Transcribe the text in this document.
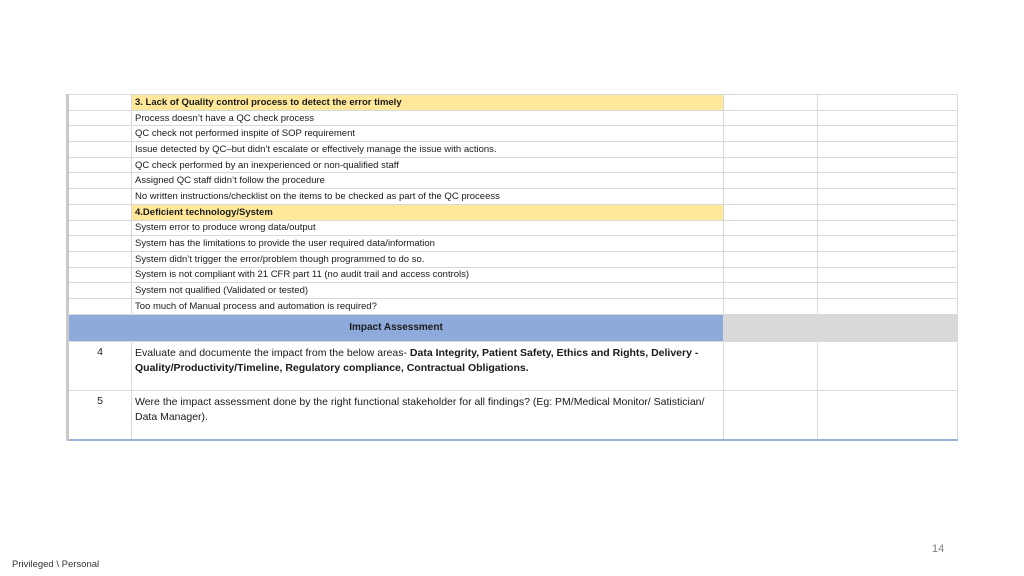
	3. Lack of Quality control process to detect the error timely		
	Process doesn’t have a QC check process		
	QC check not performed inspite of SOP requirement		
	Issue detected by QC–but didn’t escalate or effectively manage the issue with actions.		
	QC check performed by an inexperienced or non-qualified staff		
	Assigned QC staff didn’t follow the procedure		
	No written instructions/checklist on the items to be checked as part of the QC proceess		
	4.Deficient technology/System		
	System error to produce wrong data/output		
	System has the limitations to provide the user required data/information		
	System didn’t trigger the error/problem though programmed to do so.		
	System is not compliant with 21 CFR part 11 (no audit trail and access controls)		
	System not qualified (Validated or tested)		
	Too much of Manual process and automation is required?		
Impact Assessment			
4	Evaluate and documente the impact from the below areas- Data Integrity, Patient Safety, Ethics and Rights, Delivery - Quality/Productivity/Timeline, Regulatory compliance, Contractual Obligations.		
5	Were the impact assessment done by the right functional stakeholder for all findings? (Eg: PM/Medical Monitor/ Satistician/ Data Manager).		
14
Privileged \ Personal
